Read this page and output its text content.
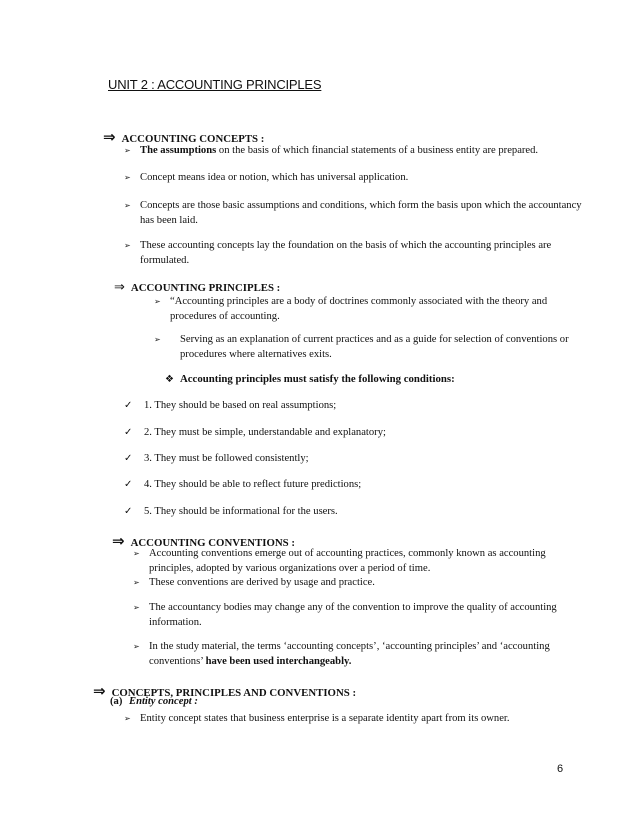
UNIT 2 : ACCOUNTING PRINCIPLES
⇒ ACCOUNTING CONCEPTS :
➢ The assumptions on the basis of which financial statements of a business entity are prepared.
➢ Concept means idea or notion, which has universal application.
➢ Concepts are those basic assumptions and conditions, which form the basis upon which the accountancy has been laid.
➢ These accounting concepts lay the foundation on the basis of which the accounting principles are formulated.
⇒ ACCOUNTING PRINCIPLES :
➢ “Accounting principles are a body of doctrines commonly associated with the theory and procedures of accounting.
➢	Serving as an explanation of current practices and as a guide for selection of conventions or procedures where alternatives exits.
❖ Accounting principles must satisfy the following conditions:
✓	1. They should be based on real assumptions;
✓	2. They must be simple, understandable and explanatory;
✓	3. They must be followed consistently;
✓	4. They should be able to reflect future predictions;
✓	5. They should be informational for the users.
⇒ ACCOUNTING CONVENTIONS :
➢ Accounting conventions emerge out of accounting practices, commonly known as accounting principles, adopted by various organizations over a period of time.
➢ These conventions are derived by usage and practice.
➢ The accountancy bodies may change any of the convention to improve the quality of accounting information.
➢ In the study material, the terms ‘accounting concepts’, ‘accounting principles’ and ‘accounting conventions’ have been used interchangeably.
⇒ CONCEPTS, PRINCIPLES AND CONVENTIONS :
(a) Entity concept :
➢ Entity concept states that business enterprise is a separate identity apart from its owner.
6
